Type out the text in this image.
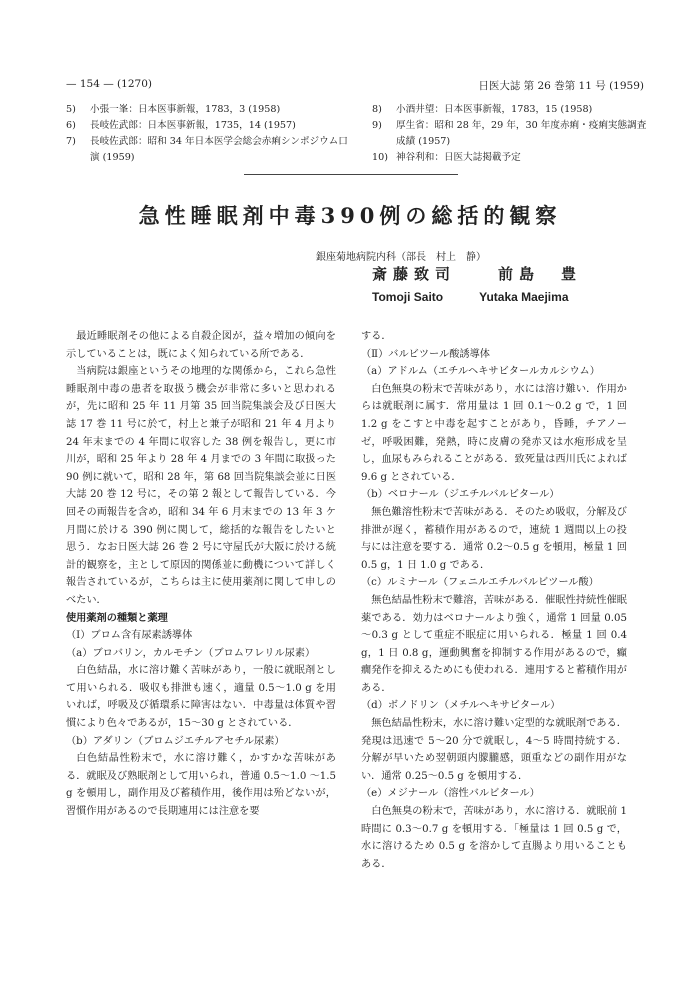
— 154 — (1270)	日医大誌 第 26 巻第 11 号 (1959)
5)	小張一峯：日本医事新報，1783，3 (1958)
6)	長岐佐武郎：日本医事新報，1735，14 (1957)
7)	長岐佐武郎：昭和 34 年日本医学会総会赤痢シンポジウム口演 (1959)
8)	小酒井望：日本医事新報，1783，15 (1958)
9)	厚生省：昭和 28 年，29 年，30 年度赤痢・疫痢実態調査成績 (1957)
10) 神谷利和：日医大誌掲載予定
急性睡眠剤中毒390例の総括的観察
銀座菊地病院内科（部長　村上　静）
斎藤致司　　前島　豊
Tomoji Saito　　　Yutaka Maejima

最近睡眠剤その他による自殺企図が，益々増加の傾向を示していることは，既によく知られている所である．

当病院は銀座というその地理的な関係から，これら急性睡眠剤中毒の患者を取扱う機会が非常に多いと思われるが，先に昭和 25 年 11 月第 35 回当院集談会及び日医大誌 17 巻 11 号に於て，村上と兼子が昭和 21 年 4 月より 24 年末までの 4 年間に収容した 38 例を報告し，更に市川が，昭和 25 年より 28 年 4 月までの 3 年間に取扱った 90 例に就いて，昭和 28 年，第 68 回当院集談会並に日医大誌 20 巻 12 号に，その第 2 報として報告している．今回その両報告を含め，昭和 34 年 6 月末までの 13 年 3 ケ月間に於ける 390 例に関して，総括的な報告をしたいと思う．なお日医大誌 26 巻 2 号に守屋氏が大阪に於ける統計的観察を，主として原因的関係並に動機について詳しく報告されているが，こちらは主に使用薬剤に関して申しのべたい．

使用薬剤の種類と薬理

（Ⅰ）ブロム含有尿素誘導体

（a）ブロバリン，カルモチン（ブロムワレリル尿素）

白色結晶，水に溶け難く苦味があり，一般に就眠剤として用いられる．吸収も排泄も速く，適量 0.5～1.0 g を用いれば，呼吸及び循環系に障害はない．中毒量は体質や習慣により色々であるが，15～30 g とされている．

（b）アダリン（ブロムジエチルアセチル尿素）

白色結晶性粉末で，水に溶け難く，かすかな苦味がある．就眠及び熟眠剤として用いられ，普通 0.5～1.0 ～1.5 g を頓用し，副作用及び蓄積作用，後作用は殆どないが，習慣作用があるので長期連用には注意を要

する．

（Ⅱ）バルビツール酸誘導体

（a）アドルム（エチルヘキサビタールカルシウム）

白色無臭の粉末で苦味があり，水には溶け難い．作用からは就眠剤に属す．常用量は 1 回 0.1～0.2 g で，1 回 1.2 g をこすと中毒を起すことがあり，昏睡，チアノーゼ，呼吸困難，発熱，時に皮膚の発赤又は水疱形成を呈し，血尿もみられることがある．致死量は西川氏によれば 9.6 g とされている．

（b）ベロナール（ジエチルバルビタール）

無色難溶性粉末で苦味がある．そのため吸収，分解及び排泄が遅く，蓄積作用があるので，連続 1 週間以上の投与には注意を要する．通常 0.2～0.5 g を頓用，極量 1 回 0.5 g，1 日 1.0 g である．

（c）ルミナール（フェニルエチルバルビツール酸）

無色結晶性粉末で難溶，苦味がある．催眠性持続性催眠薬である．効力はベロナールより強く，通常 1 回量 0.05～0.3 g として重症不眠症に用いられる．極量 1 回 0.4 g，1 日 0.8 g，運動興奮を抑制する作用があるので，癲癇発作を抑えるためにも使われる．連用すると蓄積作用がある．

（d）ボノドリン（メチルヘキサビタール）

無色結晶性粉末，水に溶け難い定型的な就眠剤である．発現は迅速で 5～20 分で就眠し，4～5 時間持続する．分解が早いため翌朝頭内朦朧感，頭重などの副作用がない．通常 0.25～0.5 g を頓用する．

（e）メジナール（溶性バルビタール）

白色無臭の粉末で，苦味があり，水に溶ける．就眠前 1 時間に 0.3～0.7 g を頓用する．「極量は 1 回 0.5 g で，水に溶けるため 0.5 g を溶かして直腸より用いることもある．
